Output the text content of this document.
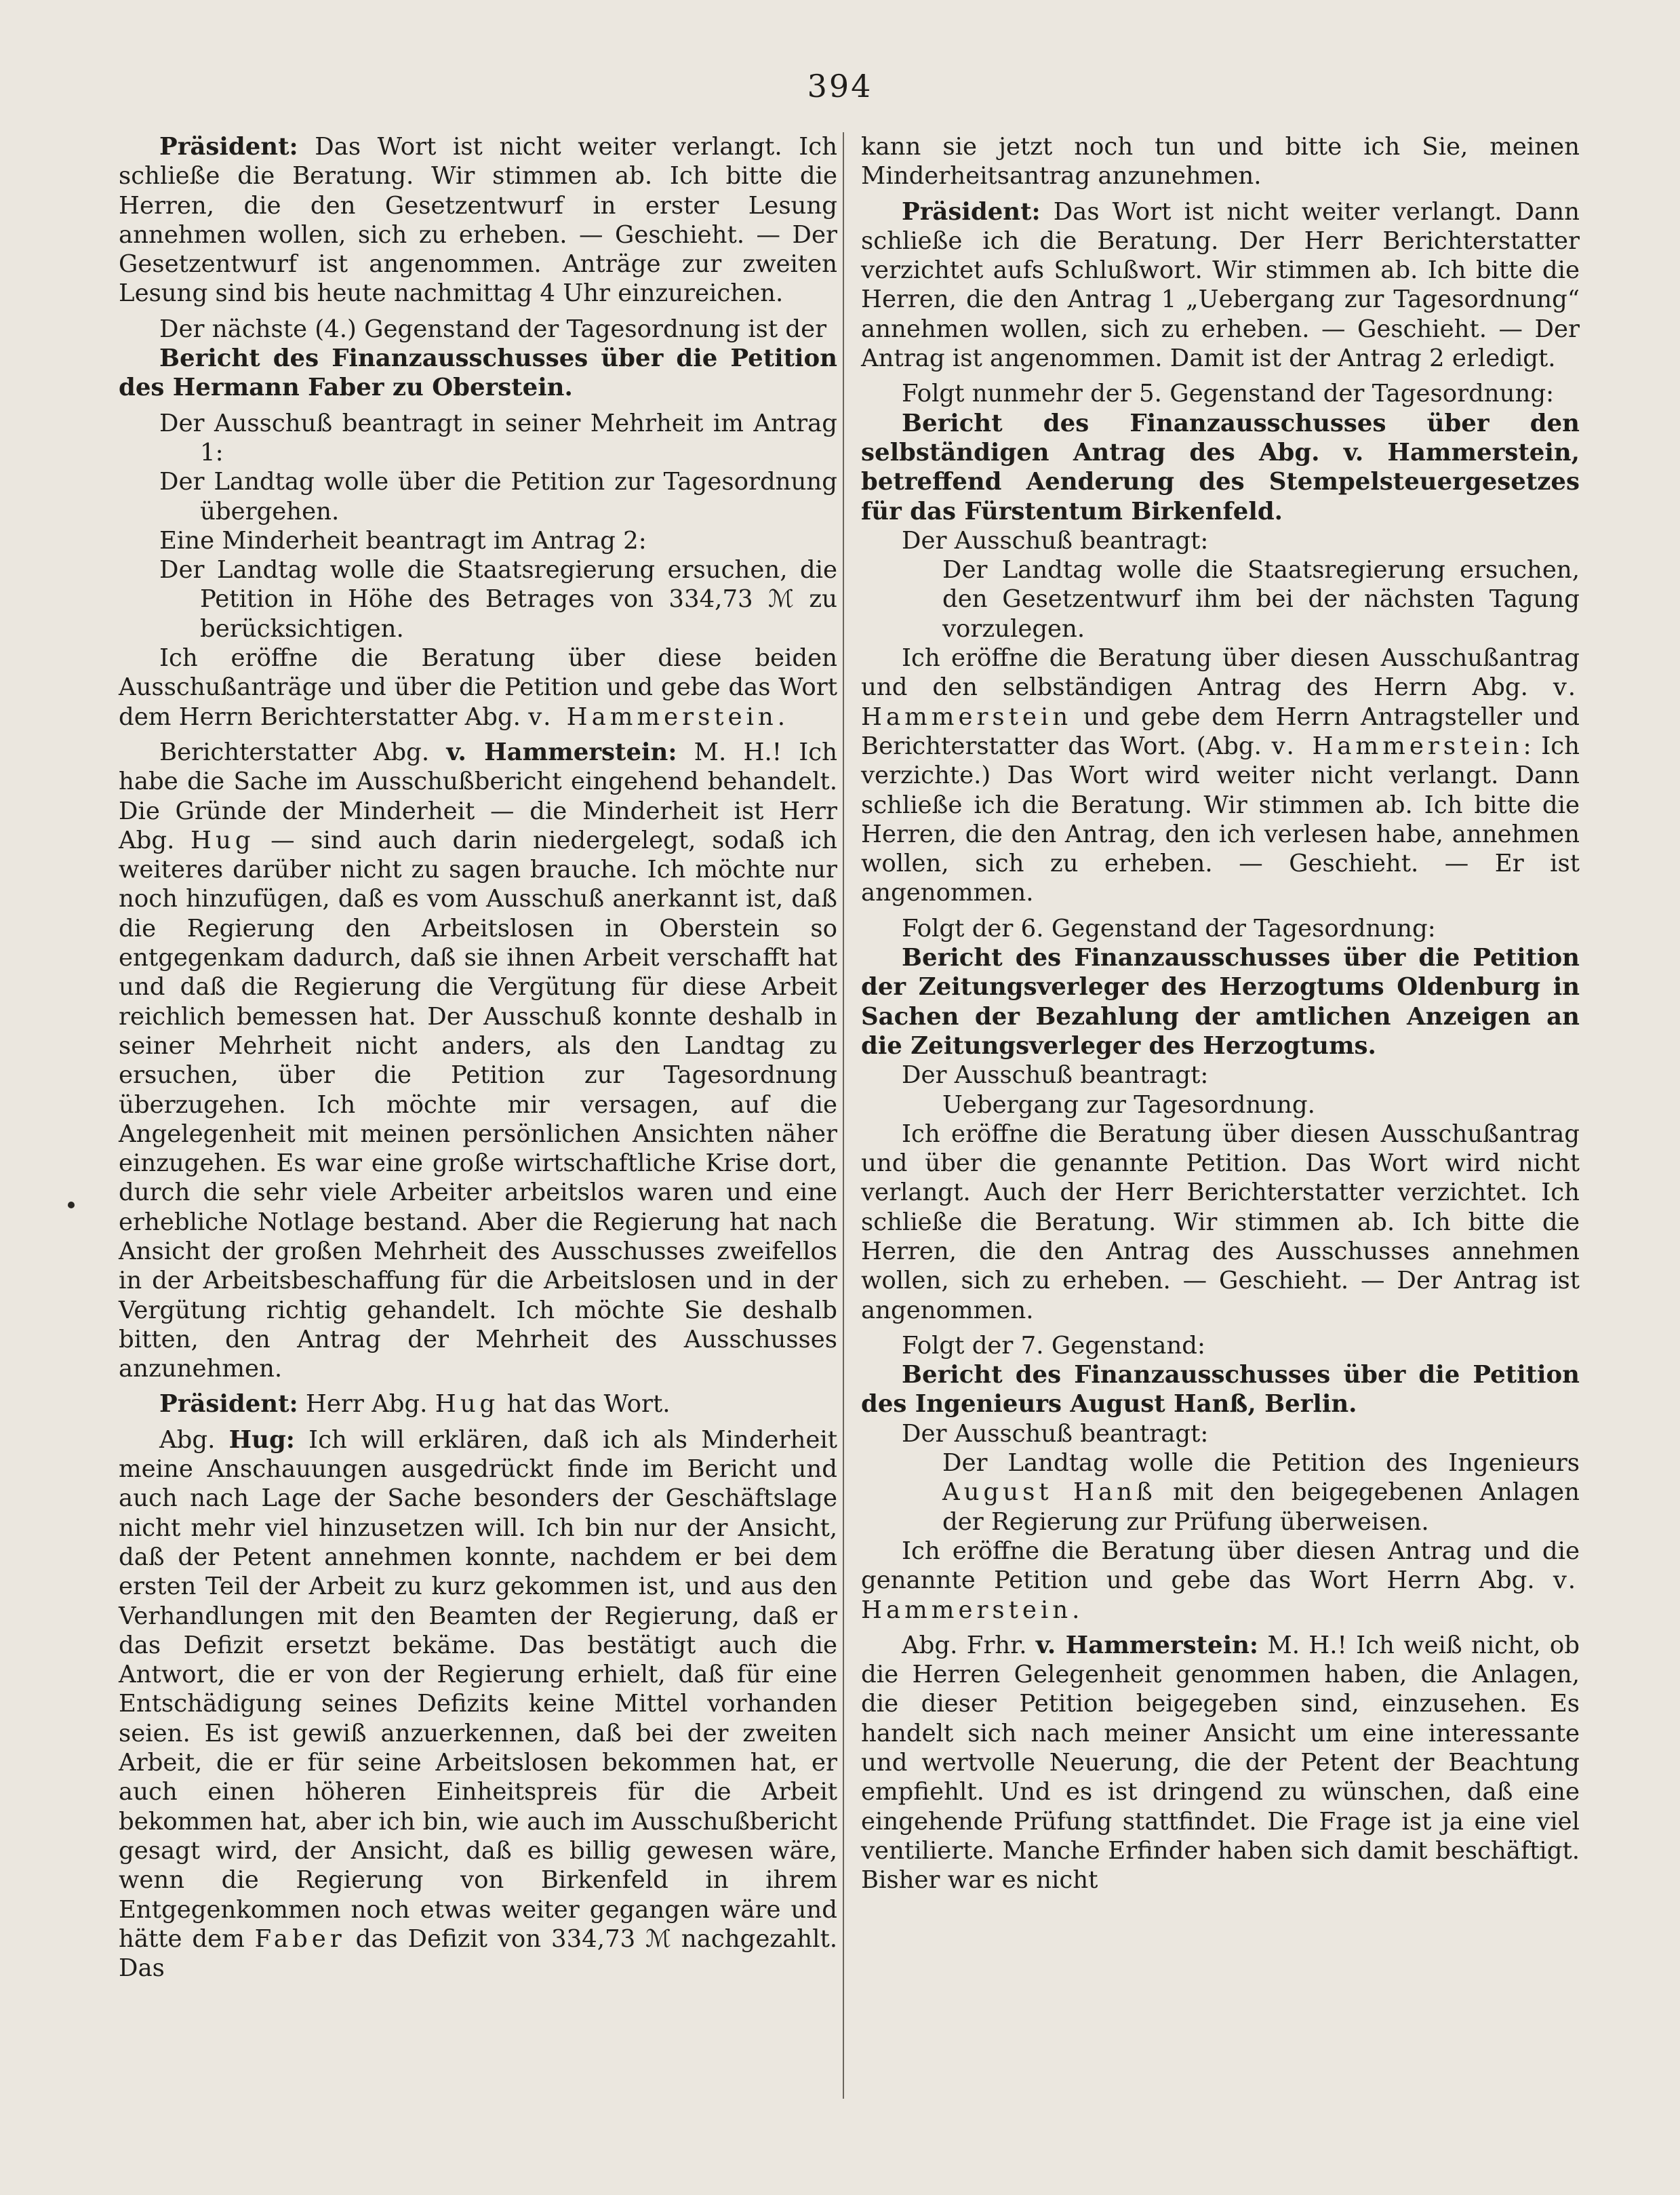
394

Präsident: Das Wort ist nicht weiter verlangt. Ich schließe die Beratung. Wir stimmen ab. Ich bitte die Herren, die den Gesetzentwurf in erster Lesung annehmen wollen, sich zu erheben. — Geschieht. — Der Gesetzentwurf ist angenommen. Anträge zur zweiten Lesung sind bis heute nachmittag 4 Uhr einzureichen.

Der nächste (4.) Gegenstand der Tagesordnung ist der

Bericht des Finanzausschusses über die Petition des Hermann Faber zu Oberstein.

Der Ausschuß beantragt in seiner Mehrheit im Antrag 1:

Der Landtag wolle über die Petition zur Tagesordnung übergehen.

Eine Minderheit beantragt im Antrag 2:

Der Landtag wolle die Staatsregierung ersuchen, die Petition in Höhe des Betrages von 334,73 ℳ zu berücksichtigen.

Ich eröffne die Beratung über diese beiden Ausschußanträge und über die Petition und gebe das Wort dem Herrn Berichterstatter Abg. v. Hammerstein.

Berichterstatter Abg. v. Hammerstein: M. H.! Ich habe die Sache im Ausschußbericht eingehend behandelt. Die Gründe der Minderheit — die Minderheit ist Herr Abg. Hug — sind auch darin niedergelegt, sodaß ich weiteres darüber nicht zu sagen brauche. Ich möchte nur noch hinzufügen, daß es vom Ausschuß anerkannt ist, daß die Regierung den Arbeitslosen in Oberstein so entgegenkam dadurch, daß sie ihnen Arbeit verschafft hat und daß die Regierung die Vergütung für diese Arbeit reichlich bemessen hat. Der Ausschuß konnte deshalb in seiner Mehrheit nicht anders, als den Landtag zu ersuchen, über die Petition zur Tagesordnung überzugehen. Ich möchte mir versagen, auf die Angelegenheit mit meinen persönlichen Ansichten näher einzugehen. Es war eine große wirtschaftliche Krise dort, durch die sehr viele Arbeiter arbeitslos waren und eine erhebliche Notlage bestand. Aber die Regierung hat nach Ansicht der großen Mehrheit des Ausschusses zweifellos in der Arbeitsbeschaffung für die Arbeitslosen und in der Vergütung richtig gehandelt. Ich möchte Sie deshalb bitten, den Antrag der Mehrheit des Ausschusses anzunehmen.

Präsident: Herr Abg. Hug hat das Wort.

Abg. Hug: Ich will erklären, daß ich als Minderheit meine Anschauungen ausgedrückt finde im Bericht und auch nach Lage der Sache besonders der Geschäftslage nicht mehr viel hinzusetzen will. Ich bin nur der Ansicht, daß der Petent annehmen konnte, nachdem er bei dem ersten Teil der Arbeit zu kurz gekommen ist, und aus den Verhandlungen mit den Beamten der Regierung, daß er das Defizit ersetzt bekäme. Das bestätigt auch die Antwort, die er von der Regierung erhielt, daß für eine Entschädigung seines Defizits keine Mittel vorhanden seien. Es ist gewiß anzuerkennen, daß bei der zweiten Arbeit, die er für seine Arbeitslosen bekommen hat, er auch einen höheren Einheitspreis für die Arbeit bekommen hat, aber ich bin, wie auch im Ausschußbericht gesagt wird, der Ansicht, daß es billig gewesen wäre, wenn die Regierung von Birkenfeld in ihrem Entgegenkommen noch etwas weiter gegangen wäre und hätte dem Faber das Defizit von 334,73 ℳ nachgezahlt. Das

kann sie jetzt noch tun und bitte ich Sie, meinen Minderheitsantrag anzunehmen.

Präsident: Das Wort ist nicht weiter verlangt. Dann schließe ich die Beratung. Der Herr Berichterstatter verzichtet aufs Schlußwort. Wir stimmen ab. Ich bitte die Herren, die den Antrag 1 „Uebergang zur Tagesordnung“ annehmen wollen, sich zu erheben. — Geschieht. — Der Antrag ist angenommen. Damit ist der Antrag 2 erledigt.

Folgt nunmehr der 5. Gegenstand der Tagesordnung:

Bericht des Finanzausschusses über den selbständigen Antrag des Abg. v. Hammerstein, betreffend Aenderung des Stempelsteuergesetzes für das Fürstentum Birkenfeld.

Der Ausschuß beantragt:

Der Landtag wolle die Staatsregierung ersuchen, den Gesetzentwurf ihm bei der nächsten Tagung vorzulegen.

Ich eröffne die Beratung über diesen Ausschußantrag und den selbständigen Antrag des Herrn Abg. v. Hammerstein und gebe dem Herrn Antragsteller und Berichterstatter das Wort. (Abg. v. Hammerstein: Ich verzichte.) Das Wort wird weiter nicht verlangt. Dann schließe ich die Beratung. Wir stimmen ab. Ich bitte die Herren, die den Antrag, den ich verlesen habe, annehmen wollen, sich zu erheben. — Geschieht. — Er ist angenommen.

Folgt der 6. Gegenstand der Tagesordnung:

Bericht des Finanzausschusses über die Petition der Zeitungsverleger des Herzogtums Oldenburg in Sachen der Bezahlung der amtlichen Anzeigen an die Zeitungsverleger des Herzogtums.

Der Ausschuß beantragt:

Uebergang zur Tagesordnung.

Ich eröffne die Beratung über diesen Ausschußantrag und über die genannte Petition. Das Wort wird nicht verlangt. Auch der Herr Berichterstatter verzichtet. Ich schließe die Beratung. Wir stimmen ab. Ich bitte die Herren, die den Antrag des Ausschusses annehmen wollen, sich zu erheben. — Geschieht. — Der Antrag ist angenommen.

Folgt der 7. Gegenstand:

Bericht des Finanzausschusses über die Petition des Ingenieurs August Hanß, Berlin.

Der Ausschuß beantragt:

Der Landtag wolle die Petition des Ingenieurs August Hanß mit den beigegebenen Anlagen der Regierung zur Prüfung überweisen.

Ich eröffne die Beratung über diesen Antrag und die genannte Petition und gebe das Wort Herrn Abg. v. Hammerstein.

Abg. Frhr. v. Hammerstein: M. H.! Ich weiß nicht, ob die Herren Gelegenheit genommen haben, die Anlagen, die dieser Petition beigegeben sind, einzusehen. Es handelt sich nach meiner Ansicht um eine interessante und wertvolle Neuerung, die der Petent der Beachtung empfiehlt. Und es ist dringend zu wünschen, daß eine eingehende Prüfung stattfindet. Die Frage ist ja eine viel ventilierte. Manche Erfinder haben sich damit beschäftigt. Bisher war es nicht
